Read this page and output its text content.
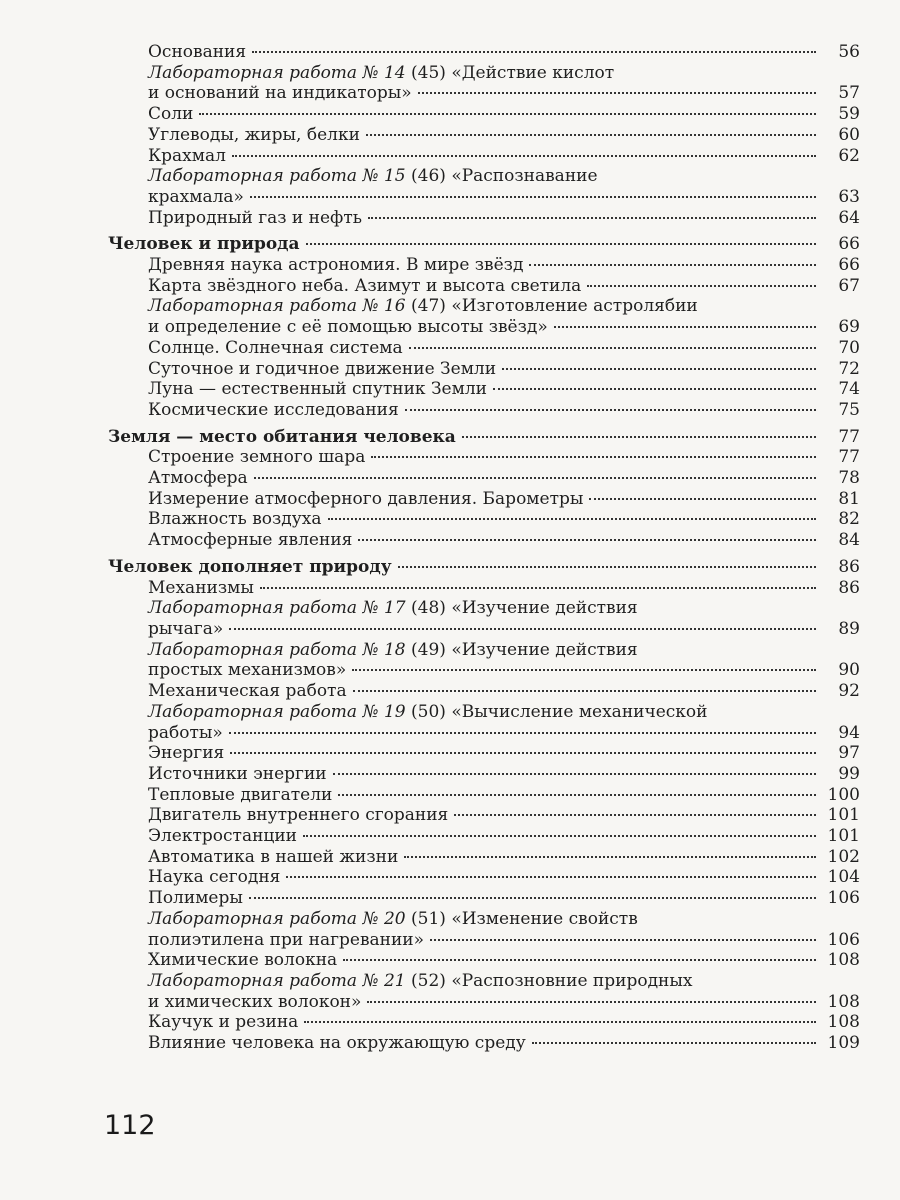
Основания	56
Лабораторная работа № 14 (45) «Действие кислот
и оснований на индикаторы»	57
Соли	59
Углеводы, жиры, белки	60
Крахмал	62
Лабораторная работа № 15 (46) «Распознавание
крахмала»	63
Природный газ и нефть	64
Человек и природа	66
Древняя наука астрономия. В мире звёзд	66
Карта звёздного неба. Азимут и высота светила	67
Лабораторная работа № 16 (47) «Изготовление астролябии
и определение с её помощью высоты звёзд»	69
Солнце. Солнечная система	70
Суточное и годичное движение Земли	72
Луна — естественный спутник Земли	74
Космические исследования	75
Земля — место обитания человека	77
Строение земного шара	77
Атмосфера	78
Измерение атмосферного давления. Барометры	81
Влажность воздуха	82
Атмосферные явления	84
Человек дополняет природу	86
Механизмы	86
Лабораторная работа № 17 (48) «Изучение действия
рычага»	89
Лабораторная работа № 18 (49) «Изучение действия
простых механизмов»	90
Механическая работа	92
Лабораторная работа № 19 (50) «Вычисление механической
работы»	94
Энергия	97
Источники энергии	99
Тепловые двигатели	100
Двигатель внутреннего сгорания	101
Электростанции	101
Автоматика в нашей жизни	102
Наука сегодня	104
Полимеры	106
Лабораторная работа № 20 (51) «Изменение свойств
полиэтилена при нагревании»	106
Химические волокна	108
Лабораторная работа № 21 (52) «Распозновние природных
и химических волокон»	108
Каучук и резина	108
Влияние человека на окружающую среду	109
112
